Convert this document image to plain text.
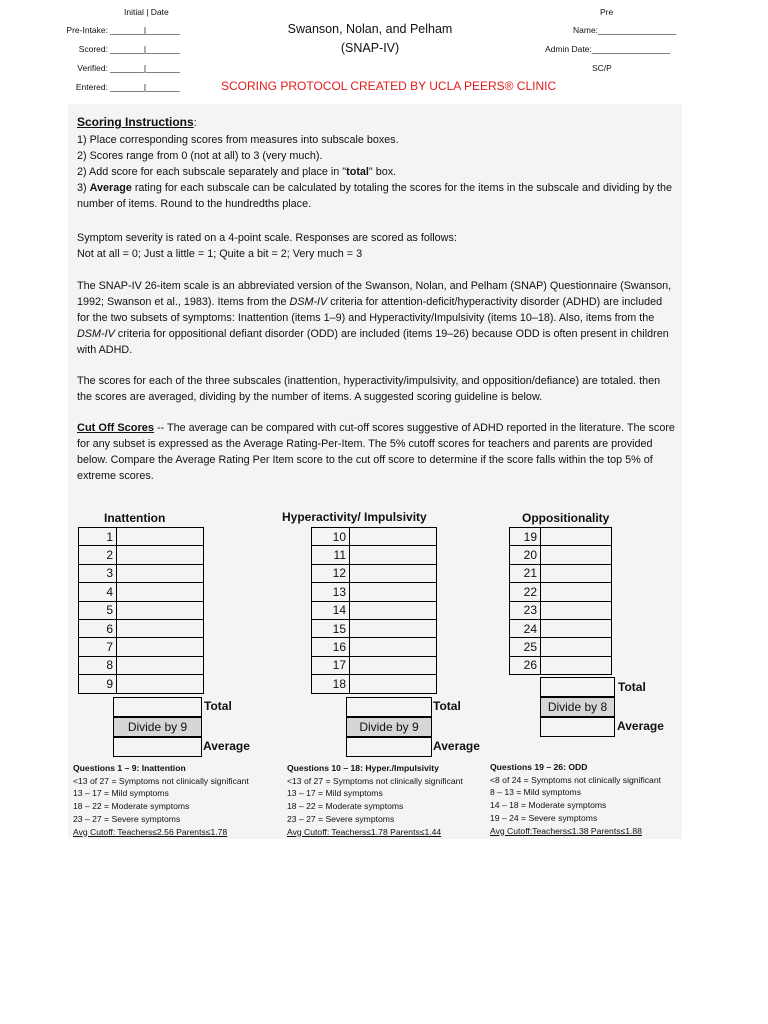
Initial | Date
Pre-Intake: ________|________
Scored: ________|________
Verified: ________|________
Entered: ________|________
Swanson, Nolan, and Pelham
(SNAP-IV)
SCORING PROTOCOL CREATED BY UCLA PEERS® CLINIC
Pre
Name:__________________
Admin Date:__________________
SC/P

Scoring Instructions:

1) Place corresponding scores from measures into subscale boxes.

2) Scores range from 0 (not at all) to 3 (very much).

2) Add score for each subscale separately and place in "total" box.

3) Average rating for each subscale can be calculated by totaling the scores for the items in the subscale and dividing by the number of items. Round to the hundredths place.

Symptom severity is rated on a 4-point scale. Responses are scored as follows:

Not at all = 0; Just a little = 1; Quite a bit = 2; Very much = 3

The SNAP-IV 26-item scale is an abbreviated version of the Swanson, Nolan, and Pelham (SNAP) Questionnaire (Swanson, 1992; Swanson et al., 1983). Items from the DSM-IV criteria for attention-deficit/hyperactivity disorder (ADHD) are included for the two subsets of symptoms: Inattention (items 1–9) and Hyperactivity/Impulsivity (items 10–18). Also, items from the DSM-IV criteria for oppositional defiant disorder (ODD) are included (items 19–26) because ODD is often present in children with ADHD.

The scores for each of the three subscales (inattention, hyperactivity/impulsivity, and opposition/defiance) are totaled. then the scores are averaged, dividing by the number of items. A suggested scoring guideline is below.

Cut Off Scores -- The average can be compared with cut-off scores suggestive of ADHD reported in the literature. The score for any subset is expressed as the Average Rating-Per-Item. The 5% cutoff scores for teachers and parents are provided below. Compare the Average Rating Per Item score to the cut off score to determine if the score falls within the top 5% of extreme scores.

Inattention
1	
2	
3	
4	
5	
6	
7	
8	
9	
Total
Divide by 9
Average
Hyperactivity/ Impulsivity
10	
11	
12	
13	
14	
15	
16	
17	
18	
Total
Divide by 9
Average
Oppositionality
19	
20	
21	
22	
23	
24	
25	
26	
Total
Divide by 8
Average
Questions 1 – 9: Inattention
<13 of 27 = Symptoms not clinically significant
13 – 17 = Mild symptoms
18 – 22 = Moderate symptoms
23 – 27 = Severe symptoms
Avg Cutoff: Teachers≤2.56 Parents≤1.78
Questions 10 – 18: Hyper./Impulsivity
<13 of 27 = Symptoms not clinically significant
13 – 17 = Mild symptoms
18 – 22 = Moderate symptoms
23 – 27 = Severe symptoms
Avg Cutoff: Teachers≤1.78 Parents≤1.44
Questions 19 – 26: ODD
<8 of 24 = Symptoms not clinically significant
8 – 13 = Mild symptoms
14 – 18 = Moderate symptoms
19 – 24 = Severe symptoms
Avg Cutoff:Teachers≤1.38 Parents≤1.88
